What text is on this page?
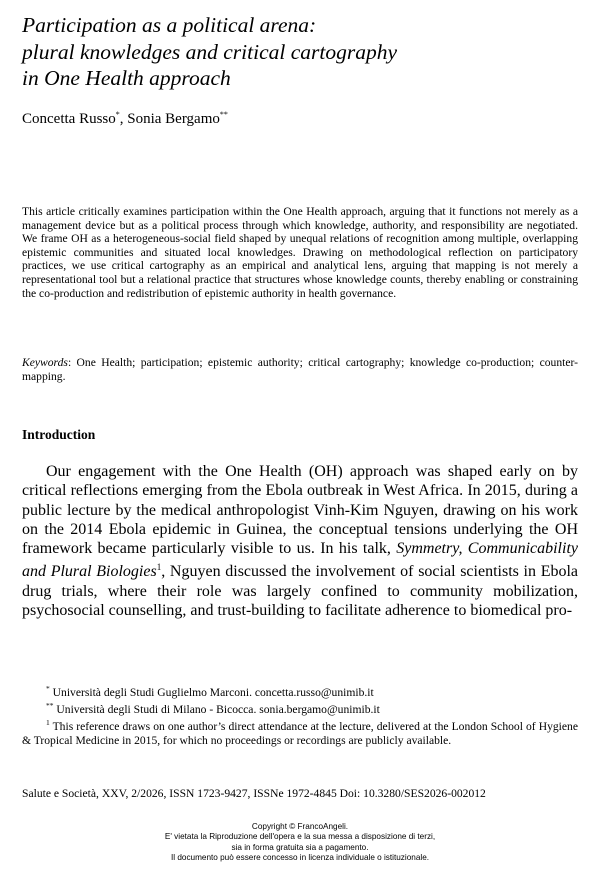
Participation as a political arena:
plural knowledges and critical cartography
in One Health approach
Concetta Russo*, Sonia Bergamo**
This article critically examines participation within the One Health approach, arguing that it functions not merely as a management device but as a political process through which knowledge, authority, and responsibility are negotiated. We frame OH as a heterogeneous-social field shaped by unequal relations of recognition among multiple, overlapping epistemic communities and situated local knowledges. Drawing on methodological reflection on participatory practices, we use critical cartography as an empirical and analytical lens, arguing that mapping is not merely a representational tool but a relational practice that structures whose knowledge counts, thereby enabling or constraining the co-production and redistribution of epistemic authority in health governance.
Keywords: One Health; participation; epistemic authority; critical cartography; knowledge co-production; counter-mapping.
Introduction
Our engagement with the One Health (OH) approach was shaped early on by critical reflections emerging from the Ebola outbreak in West Africa. In 2015, during a public lecture by the medical anthropologist Vinh-Kim Nguyen, drawing on his work on the 2014 Ebola epidemic in Guinea, the conceptual tensions underlying the OH framework became particularly visible to us. In his talk, Symmetry, Communicability and Plural Biologies$^1$, Nguyen discussed the involvement of social scientists in Ebola drug trials, where their role was largely confined to community mobilization, psychosocial counselling, and trust-building to facilitate adherence to biomedical pro-
* Università degli Studi Guglielmo Marconi. concetta.russo@unimib.it
** Università degli Studi di Milano - Bicocca. sonia.bergamo@unimib.it
$^1$ This reference draws on one author’s direct attendance at the lecture, delivered at the London School of Hygiene & Tropical Medicine in 2015, for which no proceedings or recordings are publicly available.
Salute e Società, XXV, 2/2026, ISSN 1723-9427, ISSNe 1972-4845 Doi: 10.3280/SES2026-002012
Copyright © FrancoAngeli.
E' vietata la Riproduzione dell'opera e la sua messa a disposizione di terzi,
sia in forma gratuita sia a pagamento.
Il documento può essere concesso in licenza individuale o istituzionale.
